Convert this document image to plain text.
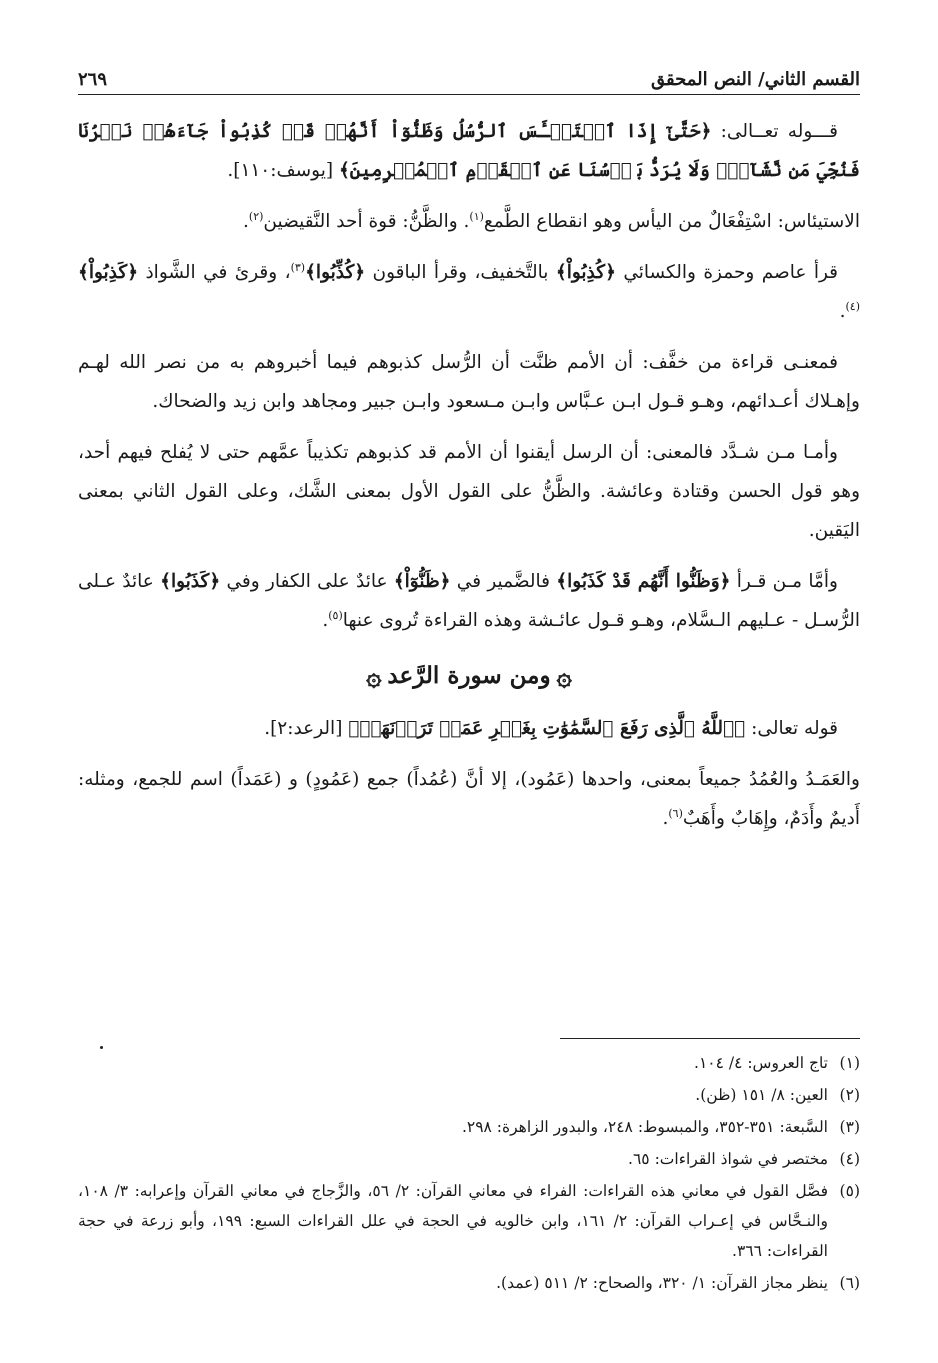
القسم الثاني/ النص المحقق
٢٦٩

قـــوله تعــالى: ﴿حَتَّىٰٓ إِذَا ٱسۡتَيۡـَٔسَ ٱلرُّسُلُ وَظَنُّوٓاْ أَنَّهُمۡ قَدۡ كُذِبُواْ جَآءَهُمۡ نَصۡرُنَا فَنُجِّيَ مَن نَّشَآءُۖ وَلَا يُرَدُّ بَأۡسُنَا عَنِ ٱلۡقَوۡمِ ٱلۡمُجۡرِمِينَ﴾ [يوسف:١١٠].

الاستيئاس: اسْتِفْعَالٌ من اليأس وهو انقطاع الطَّمع$^{(١)}$. والظَّنُّ: قوة أحد النَّقيضين$^{(٢)}$.

قرأ عاصم وحمزة والكسائي ﴿كُذِبُواْ﴾ بالتَّخفيف، وقرأ الباقون ﴿كُذِّبُوا﴾$^{(٣)}$، وقرئ في الشَّواذ ﴿كَذِبُواْ﴾ $^{(٤)}$.

فمعنـى قراءة من خفَّف: أن الأمم ظنَّت أن الرُّسل كذبوهم فيما أخبروهم به من نصر الله لهـم وإهـلاك أعـدائهم، وهـو قـول ابـن عـبَّاس وابـن مـسعود وابـن جبير ومجاهد وابن زيد والضحاك.

وأمـا مـن شـدَّد فالمعنى: أن الرسل أيقنوا أن الأمم قد كذبوهم تكذيباً عمَّهم حتى لا يُفلح فيهم أحد، وهو قول الحسن وقتادة وعائشة. والظَّنُّ على القول الأول بمعنى الشَّك، وعلى القول الثاني بمعنى اليَقين.

وأمَّا مـن قـرأ ﴿وَظَنُّوا أَنَّهُم قَدْ كَذَبُوا﴾ فالضَّمير في ﴿ظَنُّوٓاْ﴾ عائدٌ على الكفار وفي ﴿كَذَبُوا﴾ عائدٌ عـلى الرُّسـل - عـليهم الـسَّلام، وهـو قـول عائـشة وهذه القراءة تُروى عنها$^{(٥)}$.

۞ومن سورة الرَّعد۞

قوله تعالى: ﴿ٱللَّهُ ٱلَّذِى رَفَعَ ٱلسَّمَٰوَٰتِ بِغَيۡرِ عَمَدٖ تَرَوۡنَهَاۖ﴾ [الرعد:٢].

والعَمَـدُ والعُمُدُ جميعاً بمعنى، واحدها (عَمُود)، إلا أنَّ (عُمُداً) جمع (عَمُودٍ) و (عَمَداً) اسم للجمع، ومثله: أَديمٌ وأَدَمٌ، وإِهَابٌ وأَهَبٌ$^{(٦)}$.

(١)
تاج العروس: ٤/ ١٠٤.
(٢)
العين: ٨/ ١٥١ (ظن).
(٣)
السَّبعة: ٣٥١-٣٥٢، والمبسوط: ٢٤٨، والبدور الزاهرة: ٢٩٨.
(٤)
مختصر في شواذ القراءات: ٦٥.
(٥)
فصَّل القول في معاني هذه القراءات: الفراء في معاني القرآن: ٢/ ٥٦، والزَّجاج في معاني القرآن وإعرابه: ٣/ ١٠٨، والنـحَّاس في إعـراب القرآن: ٢/ ١٦١، وابن خالويه في الحجة في علل القراءات السبع: ١٩٩، وأبو زرعة في حجة القراءات: ٣٦٦.
(٦)
ينظر مجاز القرآن: ١/ ٣٢٠، والصحاح: ٢/ ٥١١ (عمد).
